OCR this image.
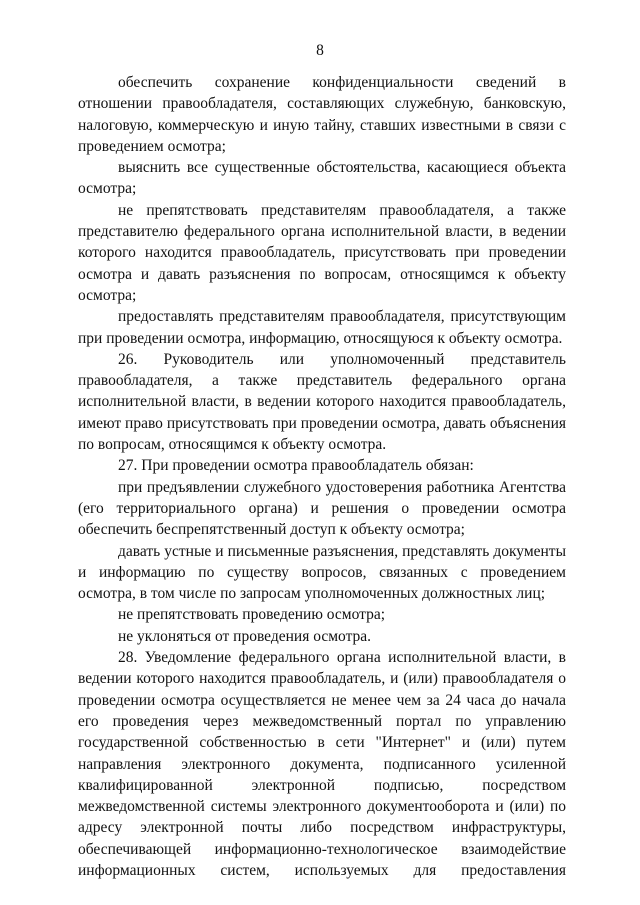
8

обеспечить сохранение конфиденциальности сведений в отношении правообладателя, составляющих служебную, банковскую, налоговую, коммерческую и иную тайну, ставших известными в связи с проведением осмотра;

выяснить все существенные обстоятельства, касающиеся объекта осмотра;

не препятствовать представителям правообладателя, а также представителю федерального органа исполнительной власти, в ведении которого находится правообладатель, присутствовать при проведении осмотра и давать разъяснения по вопросам, относящимся к объекту осмотра;

предоставлять представителям правообладателя, присутствующим при проведении осмотра, информацию, относящуюся к объекту осмотра.

26. Руководитель или уполномоченный представитель правообладателя, а также представитель федерального органа исполнительной власти, в ведении которого находится правообладатель, имеют право присутствовать при проведении осмотра, давать объяснения по вопросам, относящимся к объекту осмотра.

27. При проведении осмотра правообладатель обязан:

при предъявлении служебного удостоверения работника Агентства (его территориального органа) и решения о проведении осмотра обеспечить беспрепятственный доступ к объекту осмотра;

давать устные и письменные разъяснения, представлять документы и информацию по существу вопросов, связанных с проведением осмотра, в том числе по запросам уполномоченных должностных лиц;

не препятствовать проведению осмотра;

не уклоняться от проведения осмотра.

28. Уведомление федерального органа исполнительной власти, в ведении которого находится правообладатель, и (или) правообладателя о проведении осмотра осуществляется не менее чем за 24 часа до начала его проведения через межведомственный портал по управлению государственной собственностью в сети "Интернет" и (или) путем направления электронного документа, подписанного усиленной квалифицированной электронной подписью, посредством межведомственной системы электронного документооборота и (или) по адресу электронной почты либо посредством инфраструктуры, обеспечивающей информационно-технологическое взаимодействие информационных систем, используемых для предоставления
